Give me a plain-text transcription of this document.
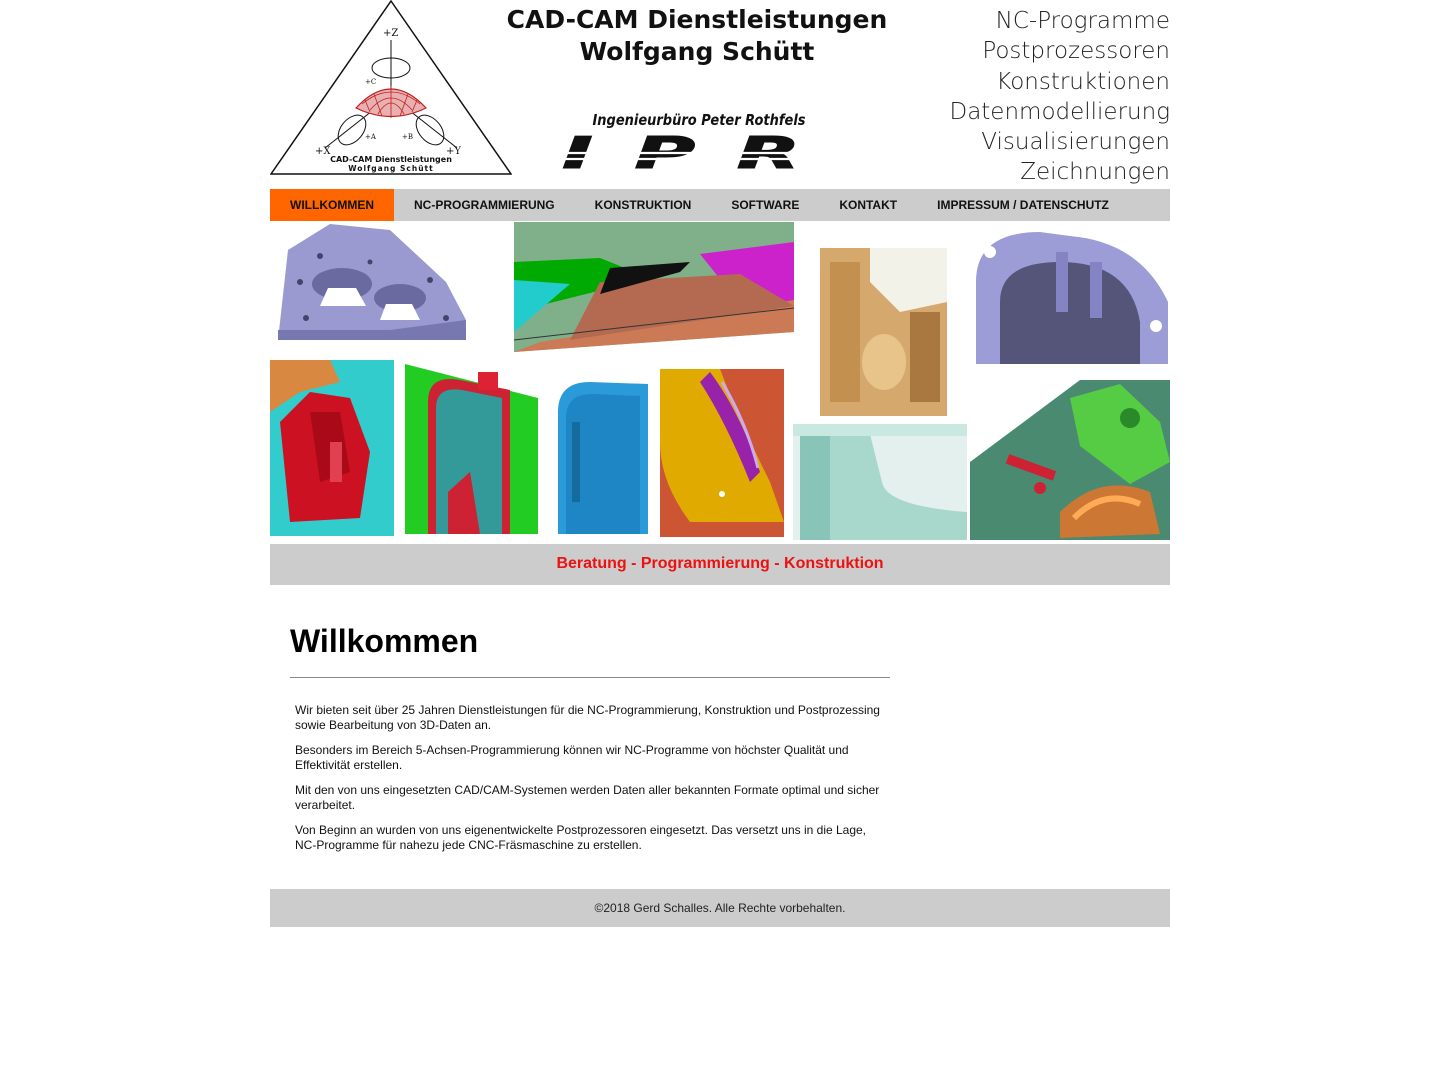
+Z
+C
+A	+B
+X	+Y
CAD-CAM Dienstleistungen
Wolfgang Schütt
CAD-CAM Dienstleistungen
Wolfgang Schütt
Ingenieurbüro Peter Rothfels
IPR
NC-Programme
Postprozessoren
Konstruktionen
Datenmodellierung
Visualisierungen
Zeichnungen
WILLKOMMEN	NC-PROGRAMMIERUNG	KONSTRUKTION	SOFTWARE	KONTAKT	IMPRESSUM / DATENSCHUTZ
Beratung - Programmierung - Konstruktion
Willkommen

Wir bieten seit über 25 Jahren Dienstleistungen für die NC-Programmierung, Konstruktion und Postprozessing sowie Bearbeitung von 3D-Daten an.

Besonders im Bereich 5-Achsen-Programmierung können wir NC-Programme von höchster Qualität und Effektivität erstellen.

Mit den von uns eingesetzten CAD/CAM-Systemen werden Daten aller bekannten Formate optimal und sicher verarbeitet.

Von Beginn an wurden von uns eigenentwickelte Postprozessoren eingesetzt. Das versetzt uns in die Lage, NC-Programme für nahezu jede CNC-Fräsmaschine zu erstellen.

©2018 Gerd Schalles. Alle Rechte vorbehalten.
